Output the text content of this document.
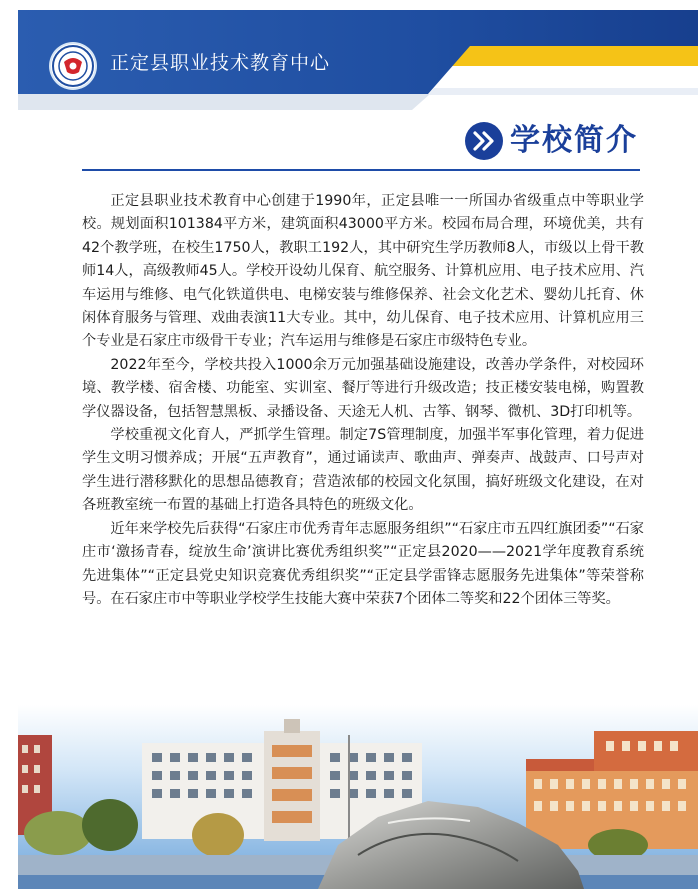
正定县职业技术教育中心
学校简介

正定县职业技术教育中心创建于1990年，正定县唯一一所国办省级重点中等职业学校。规划面积101384平方米，建筑面积43000平方米。校园布局合理，环境优美，共有42个教学班，在校生1750人，教职工192人，其中研究生学历教师8人，市级以上骨干教师14人，高级教师45人。学校开设幼儿保育、航空服务、计算机应用、电子技术应用、汽车运用与维修、电气化铁道供电、电梯安装与维修保养、社会文化艺术、婴幼儿托育、休闲体育服务与管理、戏曲表演11大专业。其中，幼儿保育、电子技术应用、计算机应用三个专业是石家庄市级骨干专业；汽车运用与维修是石家庄市级特色专业。

2022年至今，学校共投入1000余万元加强基础设施建设，改善办学条件，对校园环境、教学楼、宿舍楼、功能室、实训室、餐厅等进行升级改造；技正楼安装电梯，购置教学仪器设备，包括智慧黑板、录播设备、天途无人机、古筝、钢琴、微机、3D打印机等。

学校重视文化育人，严抓学生管理。制定7S管理制度，加强半军事化管理，着力促进学生文明习惯养成；开展“五声教育”，通过诵读声、歌曲声、弹奏声、战鼓声、口号声对学生进行潜移默化的思想品德教育；营造浓郁的校园文化氛围，搞好班级文化建设，在对各班教室统一布置的基础上打造各具特色的班级文化。

近年来学校先后获得“石家庄市优秀青年志愿服务组织”“石家庄市五四红旗团委”“石家庄市‘激扬青春，绽放生命’演讲比赛优秀组织奖”“正定县2020——2021学年度教育系统先进集体”“正定县党史知识竞赛优秀组织奖”“正定县学雷锋志愿服务先进集体”等荣誉称号。在石家庄市中等职业学校学生技能大赛中荣获7个团体二等奖和22个团体三等奖。
